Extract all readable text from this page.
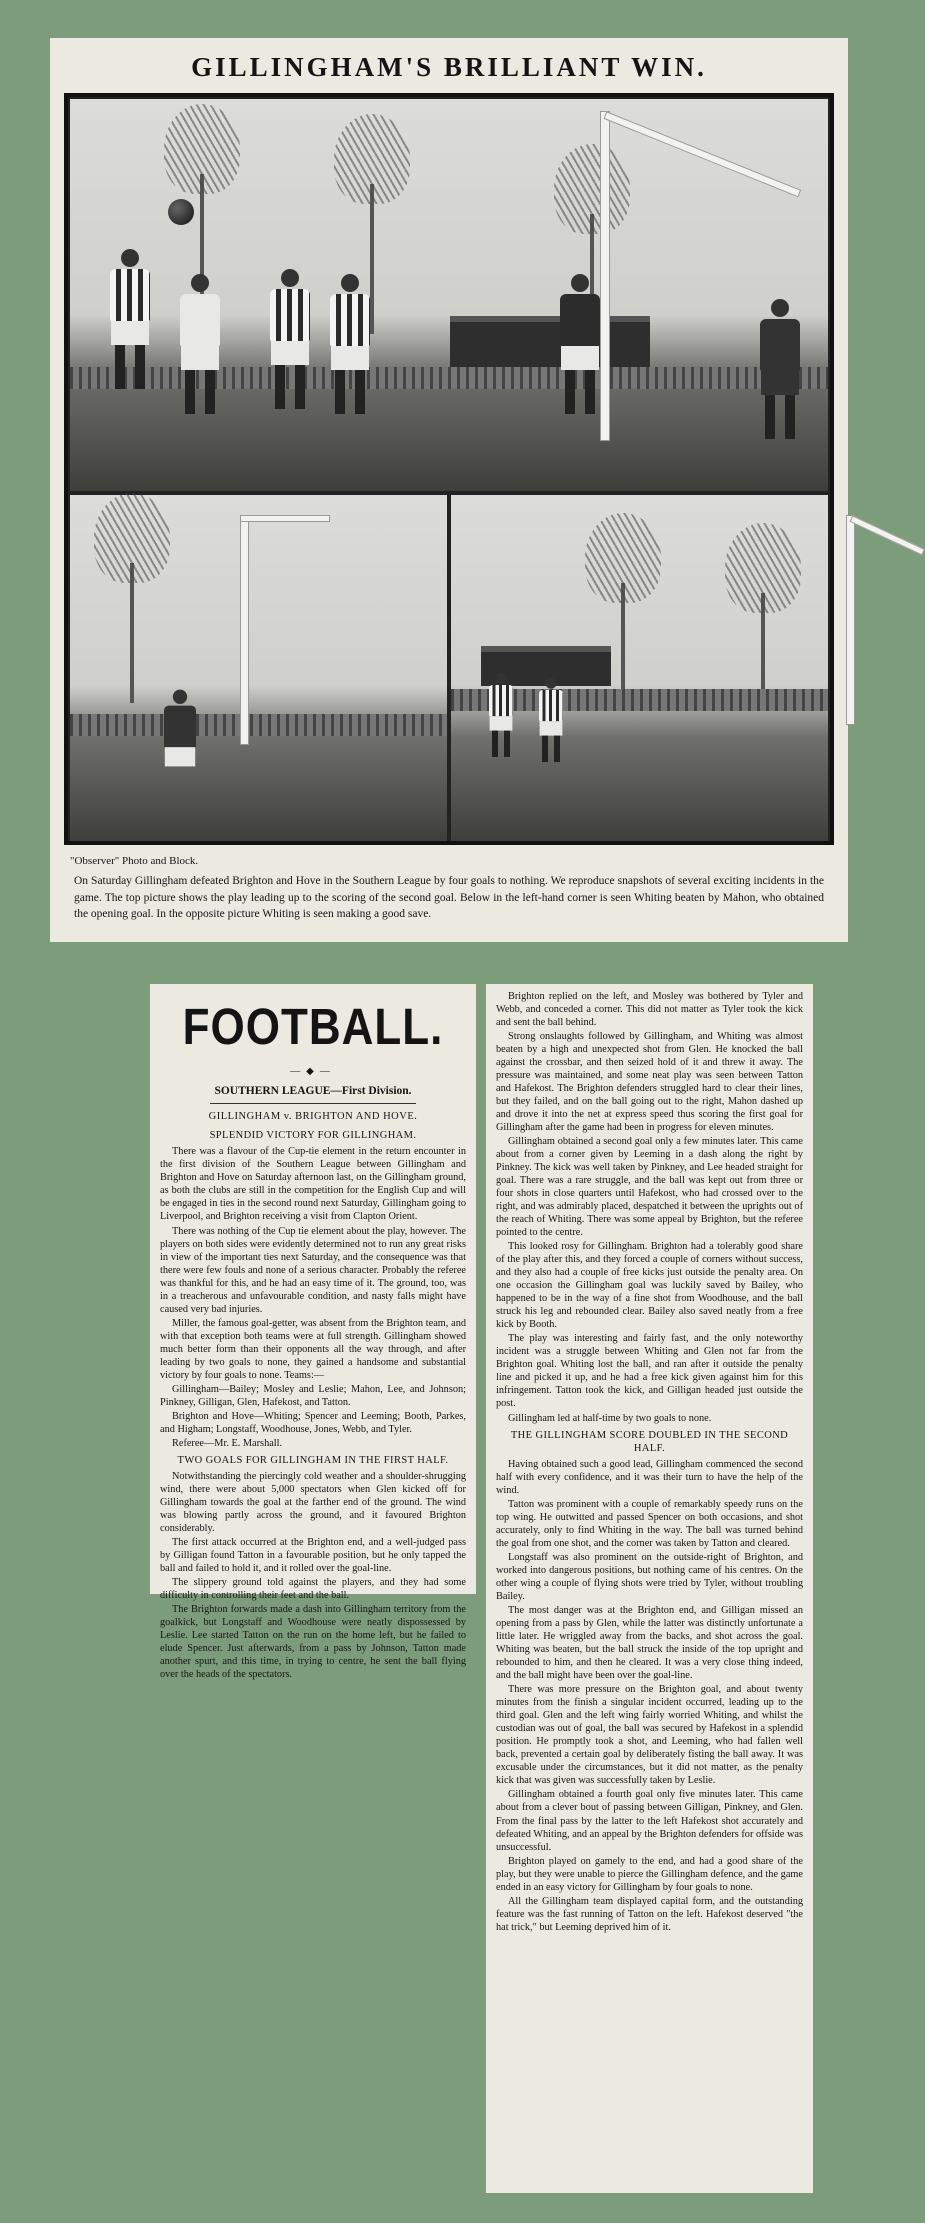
GILLINGHAM'S BRILLIANT WIN.
"Observer" Photo and Block.
On Saturday Gillingham defeated Brighton and Hove in the Southern League by four goals to nothing. We reproduce snapshots of several exciting incidents in the game. The top picture shows the play leading up to the scoring of the second goal. Below in the left-hand corner is seen Whiting beaten by Mahon, who obtained the opening goal. In the opposite picture Whiting is seen making a good save.
FOOTBALL.
—◆—
SOUTHERN LEAGUE—First Division.
GILLINGHAM v. BRIGHTON AND HOVE.
SPLENDID VICTORY FOR GILLINGHAM.

There was a flavour of the Cup-tie element in the return encounter in the first division of the Southern League between Gillingham and Brighton and Hove on Saturday afternoon last, on the Gillingham ground, as both the clubs are still in the competition for the English Cup and will be engaged in ties in the second round next Saturday, Gillingham going to Liverpool, and Brighton receiving a visit from Clapton Orient.

There was nothing of the Cup tie element about the play, however. The players on both sides were evidently determined not to run any great risks in view of the important ties next Saturday, and the consequence was that there were few fouls and none of a serious character. Probably the referee was thankful for this, and he had an easy time of it. The ground, too, was in a treacherous and unfavourable condition, and nasty falls might have caused very bad injuries.

Miller, the famous goal-getter, was absent from the Brighton team, and with that exception both teams were at full strength. Gillingham showed much better form than their opponents all the way through, and after leading by two goals to none, they gained a handsome and substantial victory by four goals to none. Teams:—

Gillingham—Bailey; Mosley and Leslie; Mahon, Lee, and Johnson; Pinkney, Gilligan, Glen, Hafekost, and Tatton.

Brighton and Hove—Whiting; Spencer and Leeming; Booth, Parkes, and Higham; Longstaff, Woodhouse, Jones, Webb, and Tyler.

Referee—Mr. E. Marshall.

TWO GOALS FOR GILLINGHAM IN THE FIRST HALF.

Notwithstanding the piercingly cold weather and a shoulder-shrugging wind, there were about 5,000 spectators when Glen kicked off for Gillingham towards the goal at the farther end of the ground. The wind was blowing partly across the ground, and it favoured Brighton considerably.

The first attack occurred at the Brighton end, and a well-judged pass by Gilligan found Tatton in a favourable position, but he only tapped the ball and failed to hold it, and it rolled over the goal-line.

The slippery ground told against the players, and they had some difficulty in controlling their feet and the ball.

The Brighton forwards made a dash into Gillingham territory from the goalkick, but Longstaff and Woodhouse were neatly dispossessed by Leslie. Lee started Tatton on the run on the home left, but he failed to elude Spencer. Just afterwards, from a pass by Johnson, Tatton made another spurt, and this time, in trying to centre, he sent the ball flying over the heads of the spectators.

Brighton replied on the left, and Mosley was bothered by Tyler and Webb, and conceded a corner. This did not matter as Tyler took the kick and sent the ball behind.

Strong onslaughts followed by Gillingham, and Whiting was almost beaten by a high and unexpected shot from Glen. He knocked the ball against the crossbar, and then seized hold of it and threw it away. The pressure was maintained, and some neat play was seen between Tatton and Hafekost. The Brighton defenders struggled hard to clear their lines, but they failed, and on the ball going out to the right, Mahon dashed up and drove it into the net at express speed thus scoring the first goal for Gillingham after the game had been in progress for eleven minutes.

Gillingham obtained a second goal only a few minutes later. This came about from a corner given by Leeming in a dash along the right by Pinkney. The kick was well taken by Pinkney, and Lee headed straight for goal. There was a rare struggle, and the ball was kept out from three or four shots in close quarters until Hafekost, who had crossed over to the right, and was admirably placed, despatched it between the uprights out of the reach of Whiting. There was some appeal by Brighton, but the referee pointed to the centre.

This looked rosy for Gillingham. Brighton had a tolerably good share of the play after this, and they forced a couple of corners without success, and they also had a couple of free kicks just outside the penalty area. On one occasion the Gillingham goal was luckily saved by Bailey, who happened to be in the way of a fine shot from Woodhouse, and the ball struck his leg and rebounded clear. Bailey also saved neatly from a free kick by Booth.

The play was interesting and fairly fast, and the only noteworthy incident was a struggle between Whiting and Glen not far from the Brighton goal. Whiting lost the ball, and ran after it outside the penalty line and picked it up, and he had a free kick given against him for this infringement. Tatton took the kick, and Gilligan headed just outside the post.

Gillingham led at half-time by two goals to none.

THE GILLINGHAM SCORE DOUBLED IN THE SECOND HALF.

Having obtained such a good lead, Gillingham commenced the second half with every confidence, and it was their turn to have the help of the wind.

Tatton was prominent with a couple of remarkably speedy runs on the top wing. He outwitted and passed Spencer on both occasions, and shot accurately, only to find Whiting in the way. The ball was turned behind the goal from one shot, and the corner was taken by Tatton and cleared.

Longstaff was also prominent on the outside-right of Brighton, and worked into dangerous positions, but nothing came of his centres. On the other wing a couple of flying shots were tried by Tyler, without troubling Bailey.

The most danger was at the Brighton end, and Gilligan missed an opening from a pass by Glen, while the latter was distinctly unfortunate a little later. He wriggled away from the backs, and shot across the goal. Whiting was beaten, but the ball struck the inside of the top upright and rebounded to him, and then he cleared. It was a very close thing indeed, and the ball might have been over the goal-line.

There was more pressure on the Brighton goal, and about twenty minutes from the finish a singular incident occurred, leading up to the third goal. Glen and the left wing fairly worried Whiting, and whilst the custodian was out of goal, the ball was secured by Hafekost in a splendid position. He promptly took a shot, and Leeming, who had fallen well back, prevented a certain goal by deliberately fisting the ball away. It was excusable under the circumstances, but it did not matter, as the penalty kick that was given was successfully taken by Leslie.

Gillingham obtained a fourth goal only five minutes later. This came about from a clever bout of passing between Gilligan, Pinkney, and Glen. From the final pass by the latter to the left Hafekost shot accurately and defeated Whiting, and an appeal by the Brighton defenders for offside was unsuccessful.

Brighton played on gamely to the end, and had a good share of the play, but they were unable to pierce the Gillingham defence, and the game ended in an easy victory for Gillingham by four goals to none.

All the Gillingham team displayed capital form, and the outstanding feature was the fast running of Tatton on the left. Hafekost deserved "the hat trick," but Leeming deprived him of it.
